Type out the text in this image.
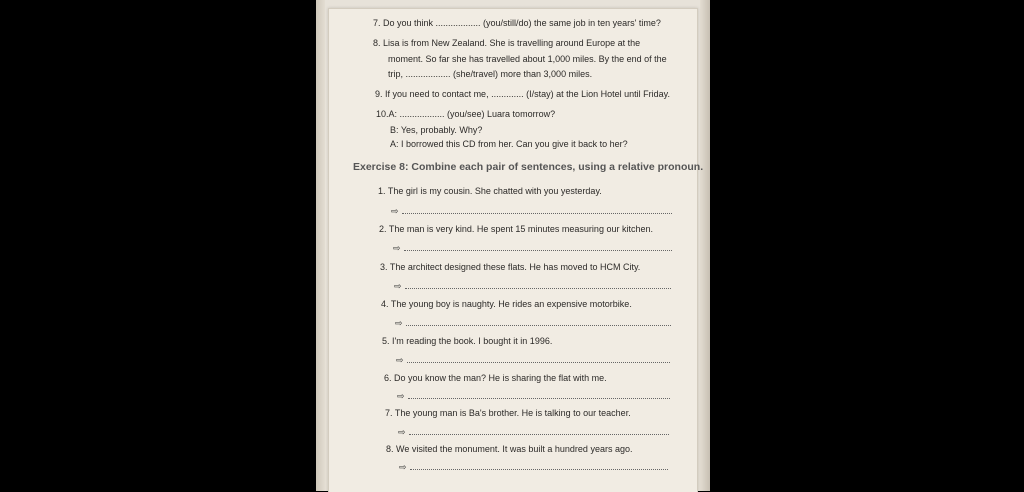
7. Do you think .................. (you/still/do) the same job in ten years' time?
8. Lisa is from New Zealand. She is travelling around Europe at the
moment. So far she has travelled about 1,000 miles. By the end of the
trip, .................. (she/travel) more than 3,000 miles.
9. If you need to contact me, ............. (I/stay) at the Lion Hotel until Friday.
10.A: .................. (you/see) Luara tomorrow?
B: Yes, probably. Why?
A: I borrowed this CD from her. Can you give it back to her?
Exercise 8: Combine each pair of sentences, using a relative pronoun.
1. The girl is my cousin. She chatted with you yesterday.
⇨
2. The man is very kind. He spent 15 minutes measuring our kitchen.
⇨
3. The architect designed these flats. He has moved to HCM City.
⇨
4. The young boy is naughty. He rides an expensive motorbike.
⇨
5. I'm reading the book. I bought it in 1996.
⇨
6. Do you know the man? He is sharing the flat with me.
⇨
7. The young man is Ba's brother. He is talking to our teacher.
⇨
8. We visited the monument. It was built a hundred years ago.
⇨
